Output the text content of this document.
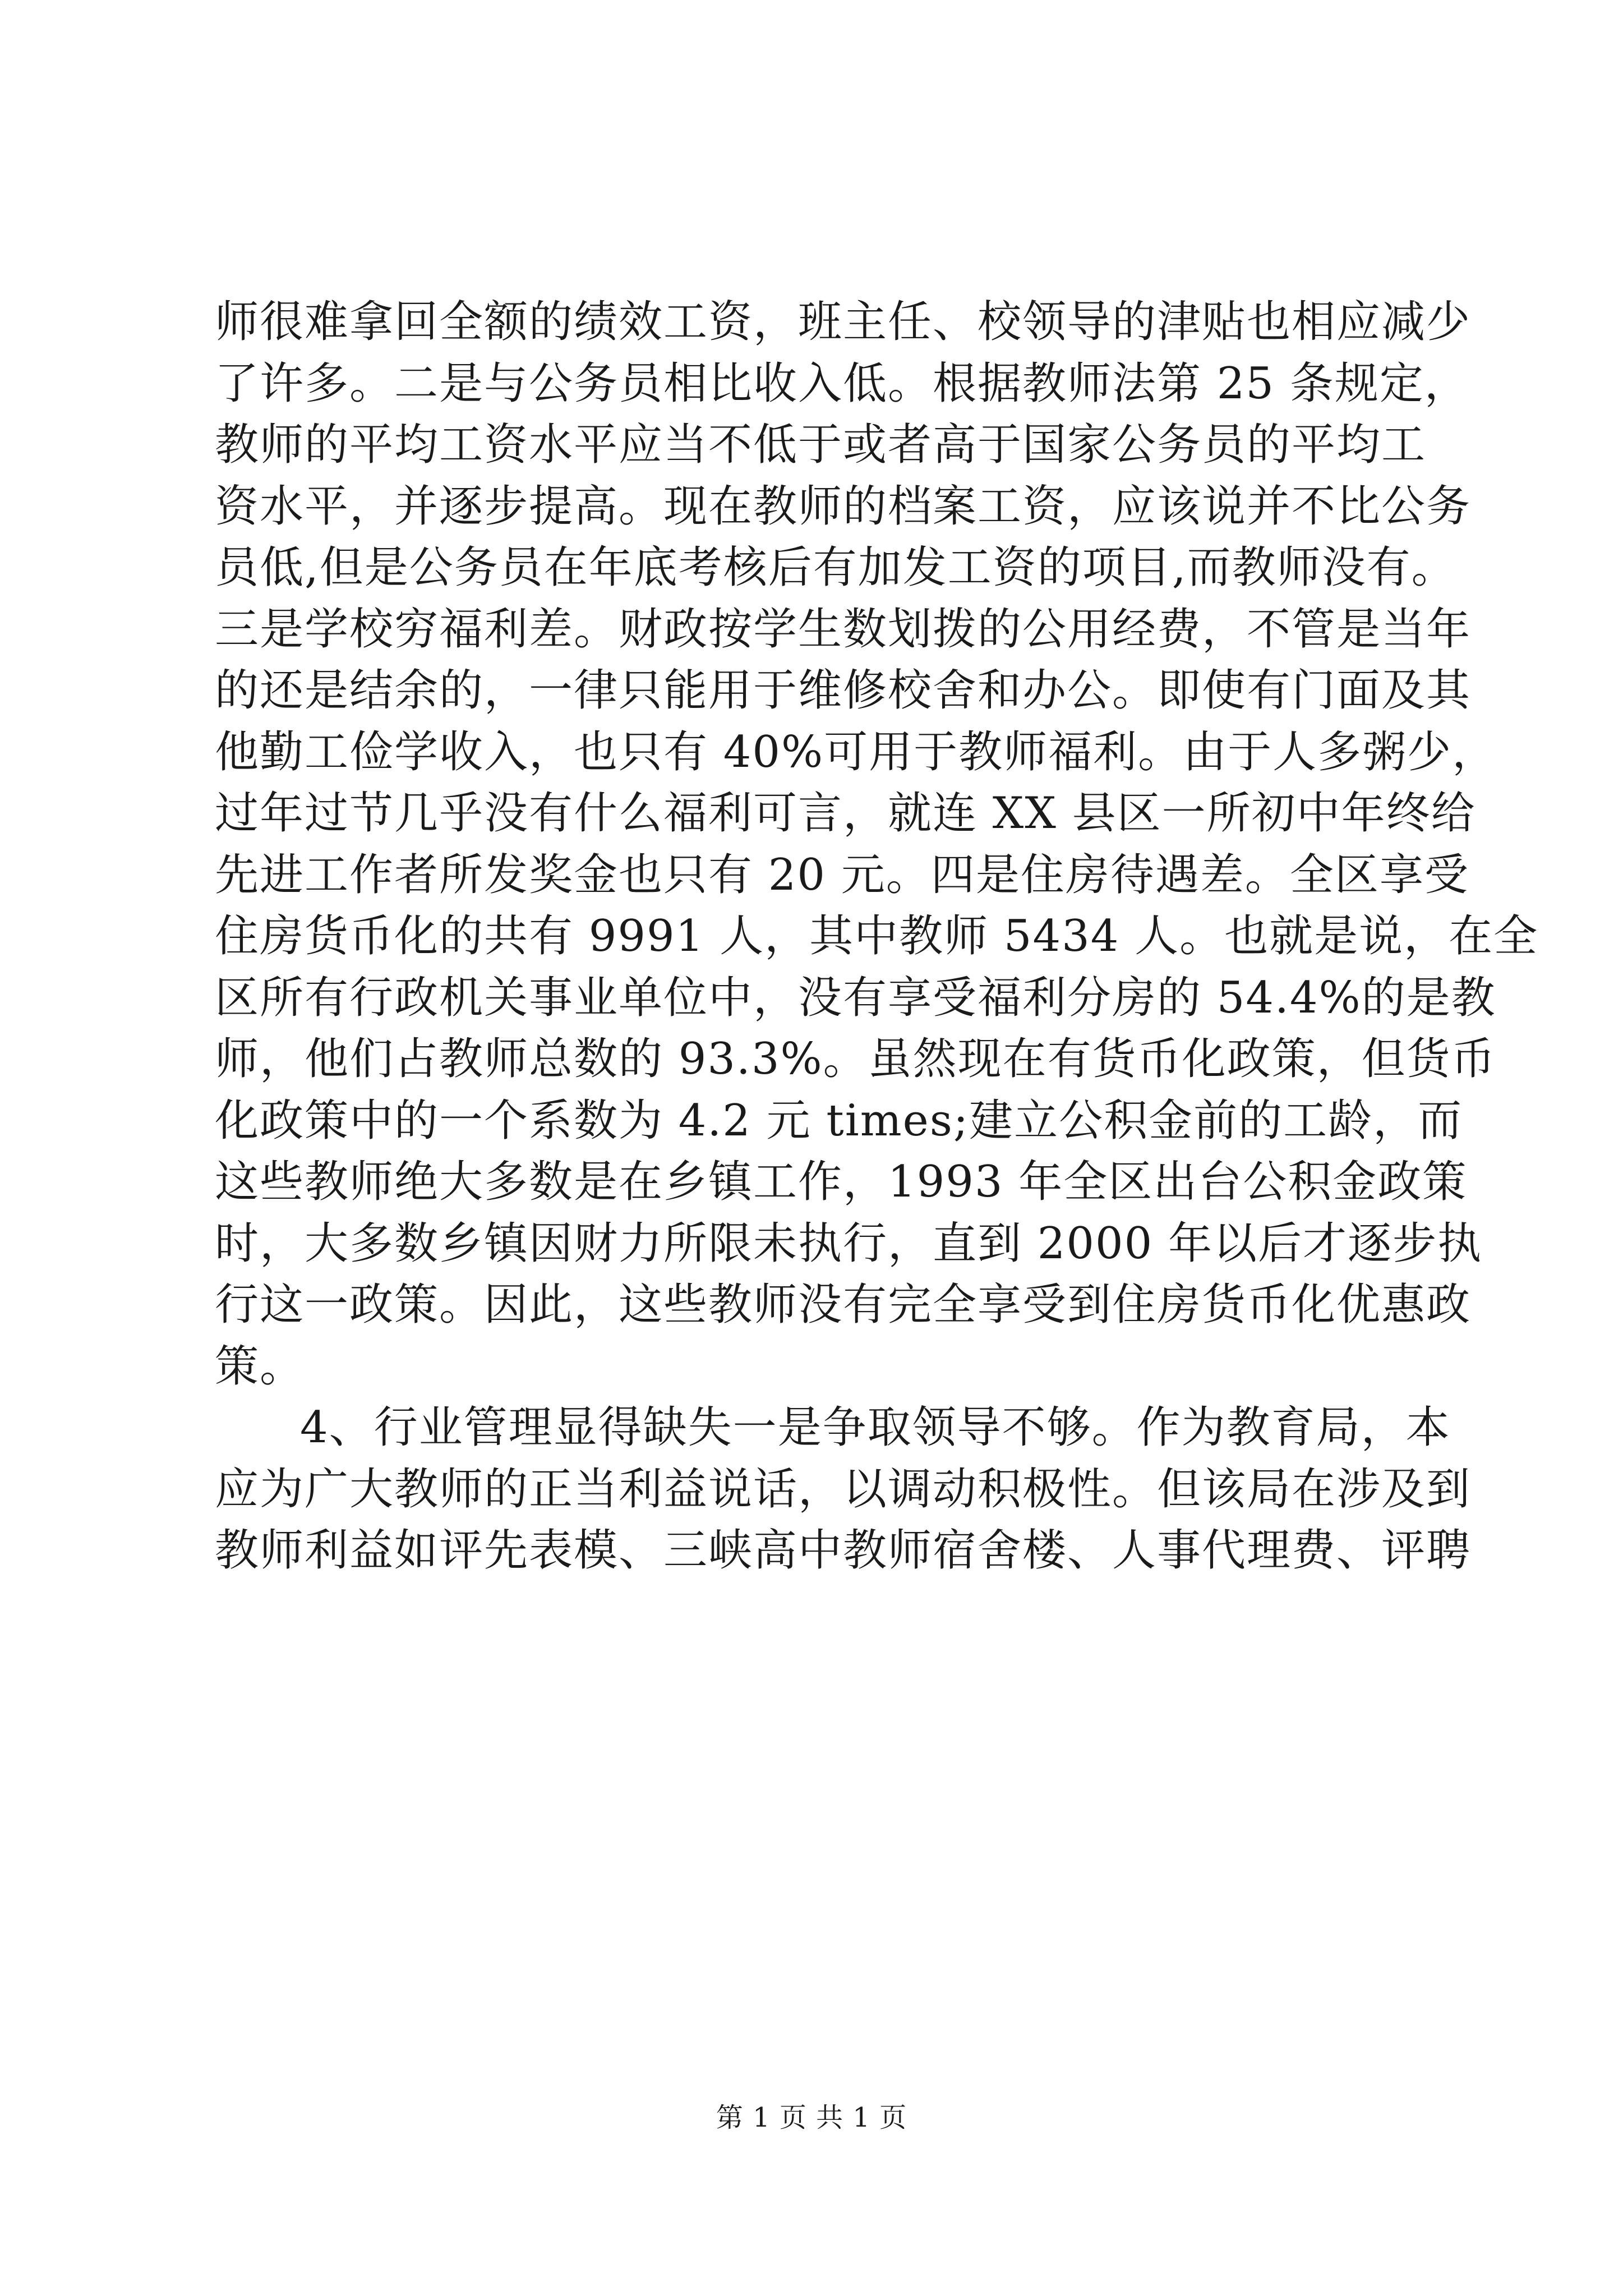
师很难拿回全额的绩效工资，班主任、校领导的津贴也相应减少
了许多。二是与公务员相比收入低。根据教师法第 25 条规定，
教师的平均工资水平应当不低于或者高于国家公务员的平均工
资水平，并逐步提高。现在教师的档案工资，应该说并不比公务
员低,但是公务员在年底考核后有加发工资的项目,而教师没有。
三是学校穷福利差。财政按学生数划拨的公用经费，不管是当年
的还是结余的，一律只能用于维修校舍和办公。即使有门面及其
他勤工俭学收入，也只有 40%可用于教师福利。由于人多粥少，
过年过节几乎没有什么福利可言，就连 XX 县区一所初中年终给
先进工作者所发奖金也只有 20 元。四是住房待遇差。全区享受
住房货币化的共有 9991 人，其中教师 5434 人。也就是说，在全
区所有行政机关事业单位中，没有享受福利分房的 54.4%的是教
师，他们占教师总数的 93.3%。虽然现在有货币化政策，但货币
化政策中的一个系数为 4.2 元 times;建立公积金前的工龄，而
这些教师绝大多数是在乡镇工作，1993 年全区出台公积金政策
时，大多数乡镇因财力所限未执行，直到 2000 年以后才逐步执
行这一政策。因此，这些教师没有完全享受到住房货币化优惠政
策。
4、行业管理显得缺失一是争取领导不够。作为教育局，本
应为广大教师的正当利益说话，以调动积极性。但该局在涉及到
教师利益如评先表模、三峡高中教师宿舍楼、人事代理费、评聘
第 1 页 共 1 页
